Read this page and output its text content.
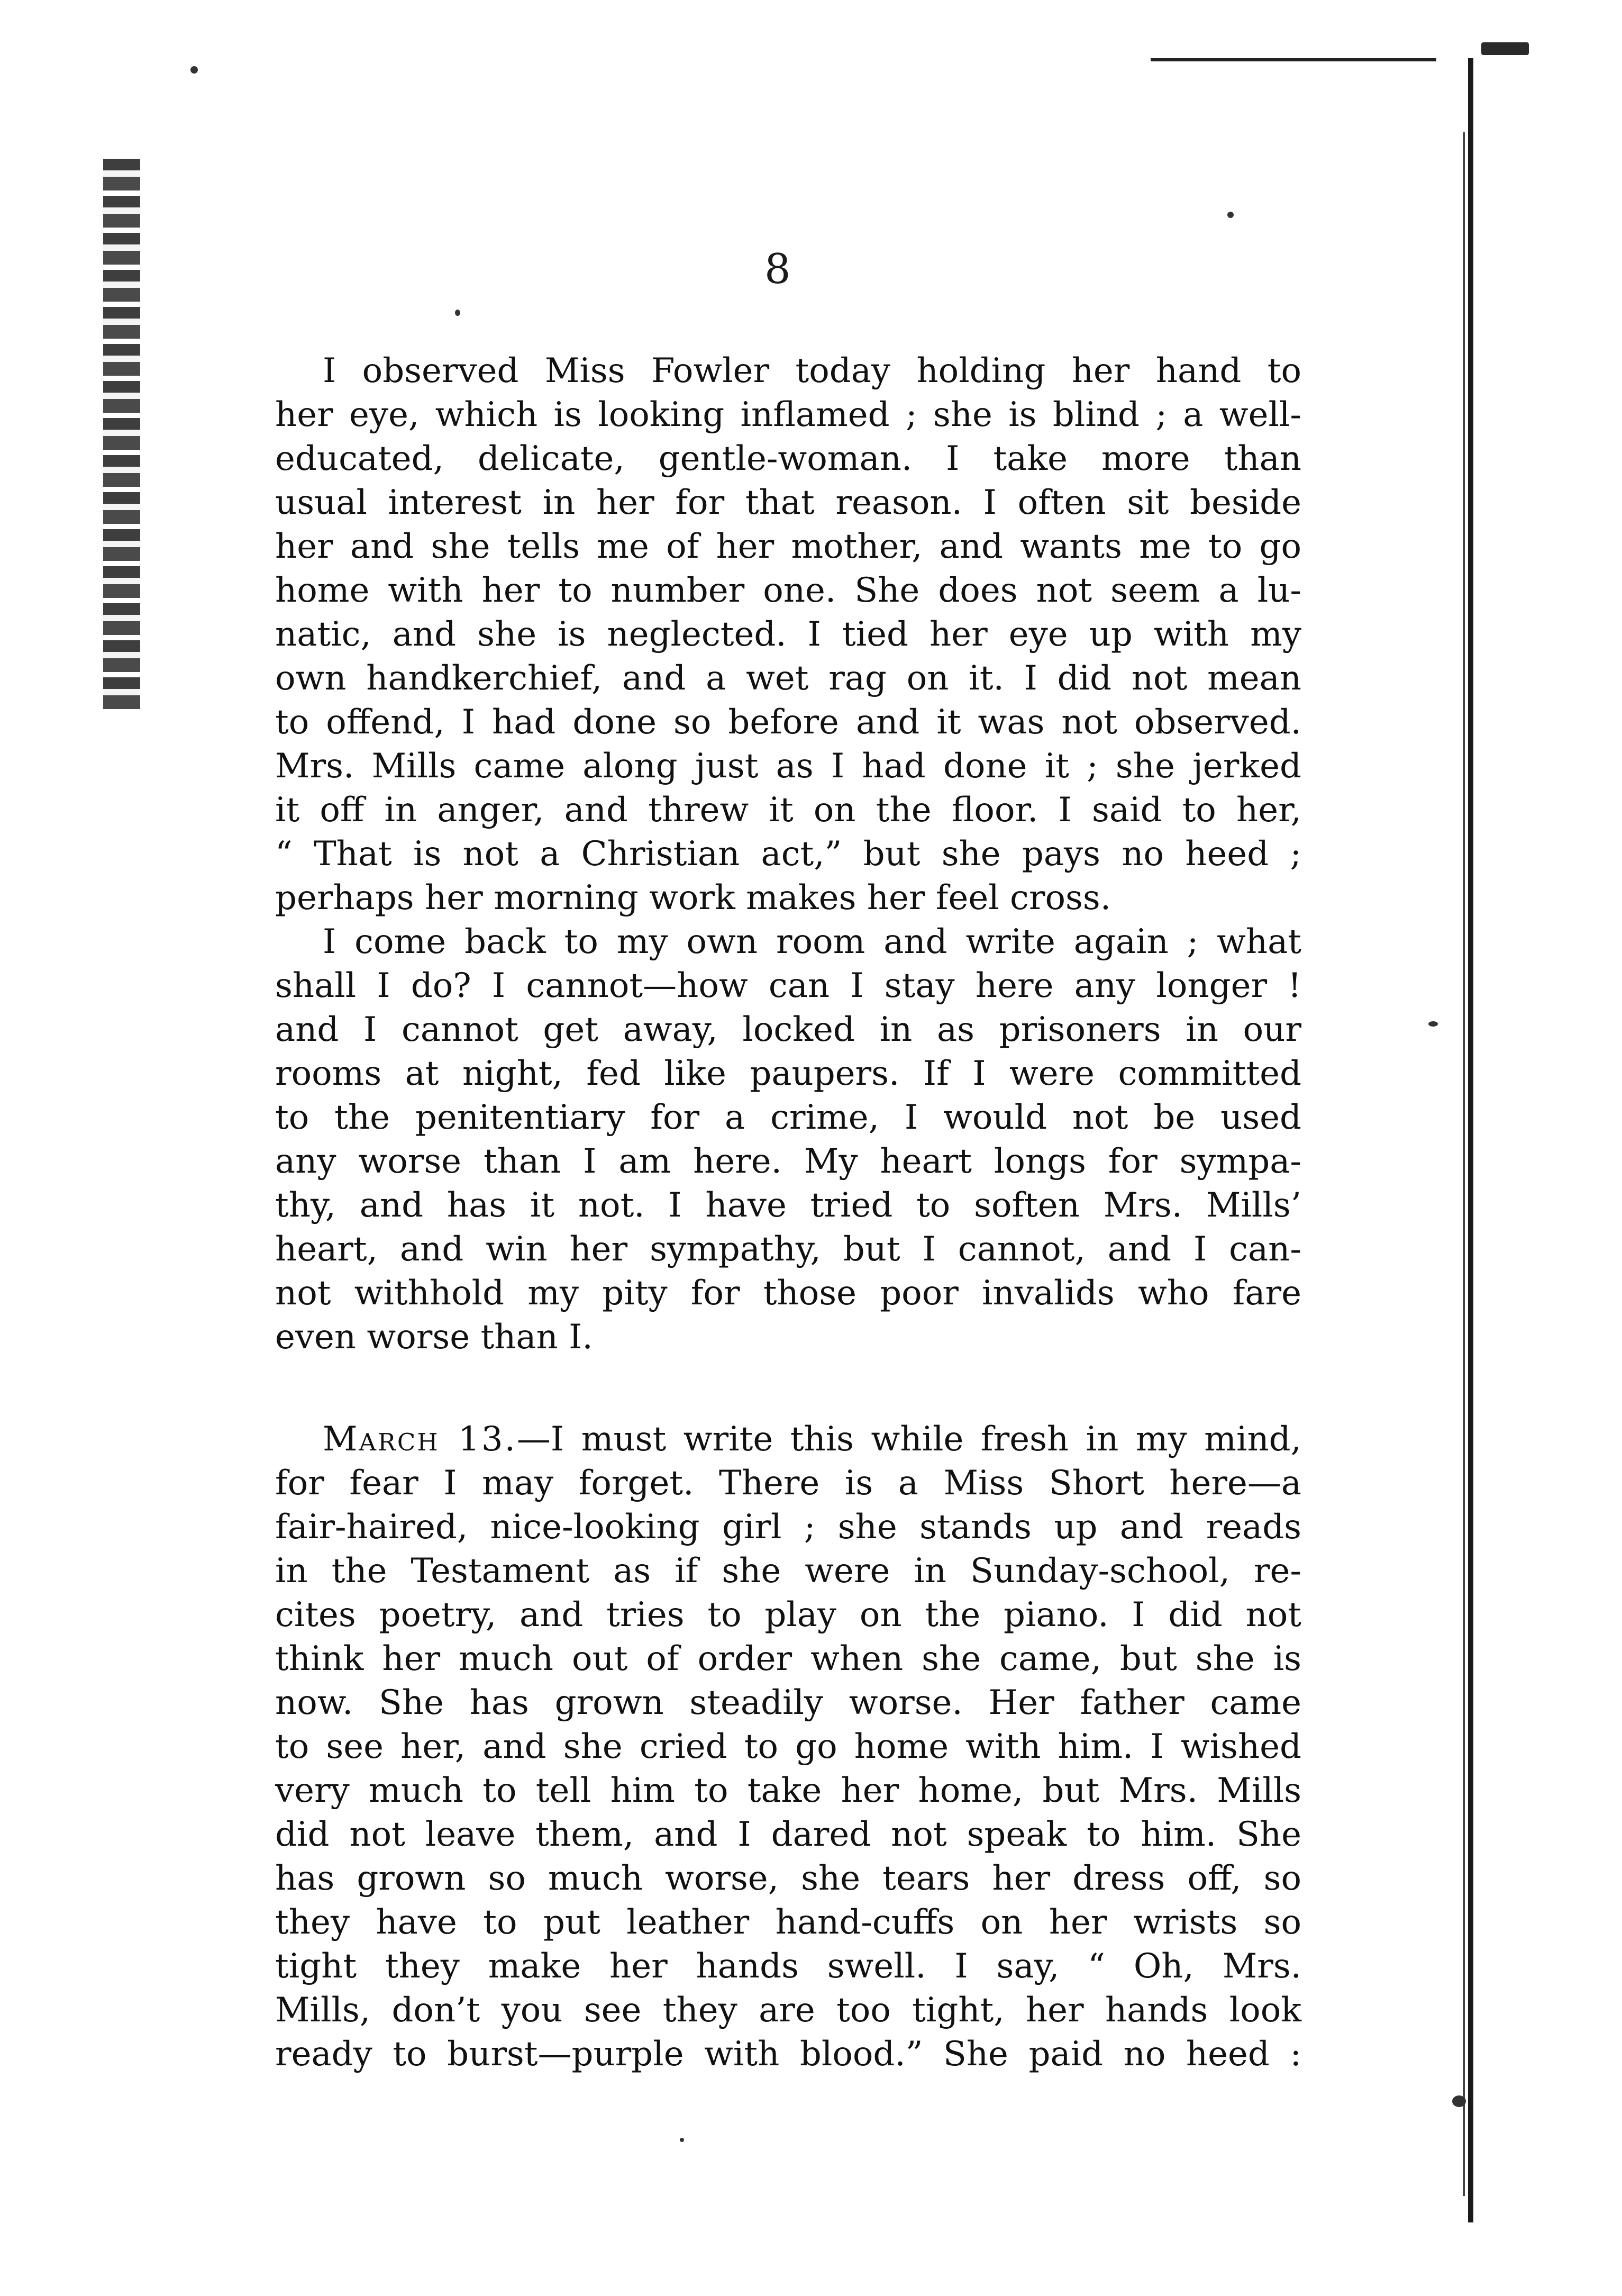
8

I observed Miss Fowler today holding her hand to
her eye, which is looking inflamed ; she is blind ; a well-
educated, delicate, gentle-woman. I take more than
usual interest in her for that reason. I often sit beside
her and she tells me of her mother, and wants me to go
home with her to number one. She does not seem a lu-
natic, and she is neglected. I tied her eye up with my
own handkerchief, and a wet rag on it. I did not mean
to offend, I had done so before and it was not observed.
Mrs. Mills came along just as I had done it ; she jerked
it off in anger, and threw it on the floor. I said to her,
“ That is not a Christian act,” but she pays no heed ;
perhaps her morning work makes her feel cross.

I come back to my own room and write again ; what
shall I do? I cannot—how can I stay here any longer !
and I cannot get away, locked in as prisoners in our
rooms at night, fed like paupers. If I were committed
to the penitentiary for a crime, I would not be used
any worse than I am here. My heart longs for sympa-
thy, and has it not. I have tried to soften Mrs. Mills’
heart, and win her sympathy, but I cannot, and I can-
not withhold my pity for those poor invalids who fare
even worse than I.

March 13.—I must write this while fresh in my mind,
for fear I may forget. There is a Miss Short here—a
fair-haired, nice-looking girl ; she stands up and reads
in the Testament as if she were in Sunday-school, re-
cites poetry, and tries to play on the piano. I did not
think her much out of order when she came, but she is
now. She has grown steadily worse. Her father came
to see her, and she cried to go home with him. I wished
very much to tell him to take her home, but Mrs. Mills
did not leave them, and I dared not speak to him. She
has grown so much worse, she tears her dress off, so
they have to put leather hand-cuffs on her wrists so
tight they make her hands swell. I say, “ Oh, Mrs.
Mills, don’t you see they are too tight, her hands look
ready to burst—purple with blood.” She paid no heed :
